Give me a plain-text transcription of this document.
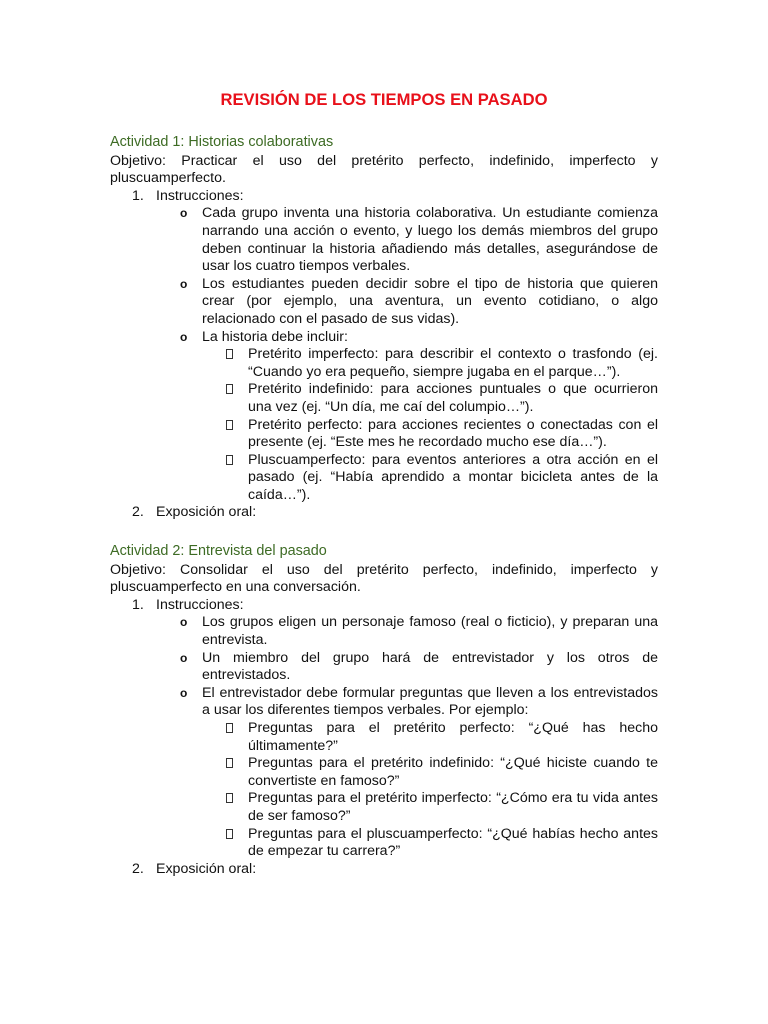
REVISIÓN DE LOS TIEMPOS EN PASADO
Actividad 1: Historias colaborativas
Objetivo: Practicar el uso del pretérito perfecto, indefinido, imperfecto y pluscuamperfecto.
1. Instrucciones:
o Cada grupo inventa una historia colaborativa. Un estudiante comienza narrando una acción o evento, y luego los demás miembros del grupo deben continuar la historia añadiendo más detalles, asegurándose de usar los cuatro tiempos verbales.
o Los estudiantes pueden decidir sobre el tipo de historia que quieren crear (por ejemplo, una aventura, un evento cotidiano, o algo relacionado con el pasado de sus vidas).
o La historia debe incluir:
Pretérito imperfecto: para describir el contexto o trasfondo (ej. “Cuando yo era pequeño, siempre jugaba en el parque…”).
Pretérito indefinido: para acciones puntuales o que ocurrieron una vez (ej. “Un día, me caí del columpio…”).
Pretérito perfecto: para acciones recientes o conectadas con el presente (ej. “Este mes he recordado mucho ese día…”).
Pluscuamperfecto: para eventos anteriores a otra acción en el pasado (ej. “Había aprendido a montar bicicleta antes de la caída…”).
2. Exposición oral:
Actividad 2: Entrevista del pasado
Objetivo: Consolidar el uso del pretérito perfecto, indefinido, imperfecto y pluscuamperfecto en una conversación.
1. Instrucciones:
o Los grupos eligen un personaje famoso (real o ficticio), y preparan una entrevista.
o Un miembro del grupo hará de entrevistador y los otros de entrevistados.
o El entrevistador debe formular preguntas que lleven a los entrevistados a usar los diferentes tiempos verbales. Por ejemplo:
Preguntas para el pretérito perfecto: “¿Qué has hecho últimamente?”
Preguntas para el pretérito indefinido: “¿Qué hiciste cuando te convertiste en famoso?”
Preguntas para el pretérito imperfecto: “¿Cómo era tu vida antes de ser famoso?”
Preguntas para el pluscuamperfecto: “¿Qué habías hecho antes de empezar tu carrera?”
2. Exposición oral:
